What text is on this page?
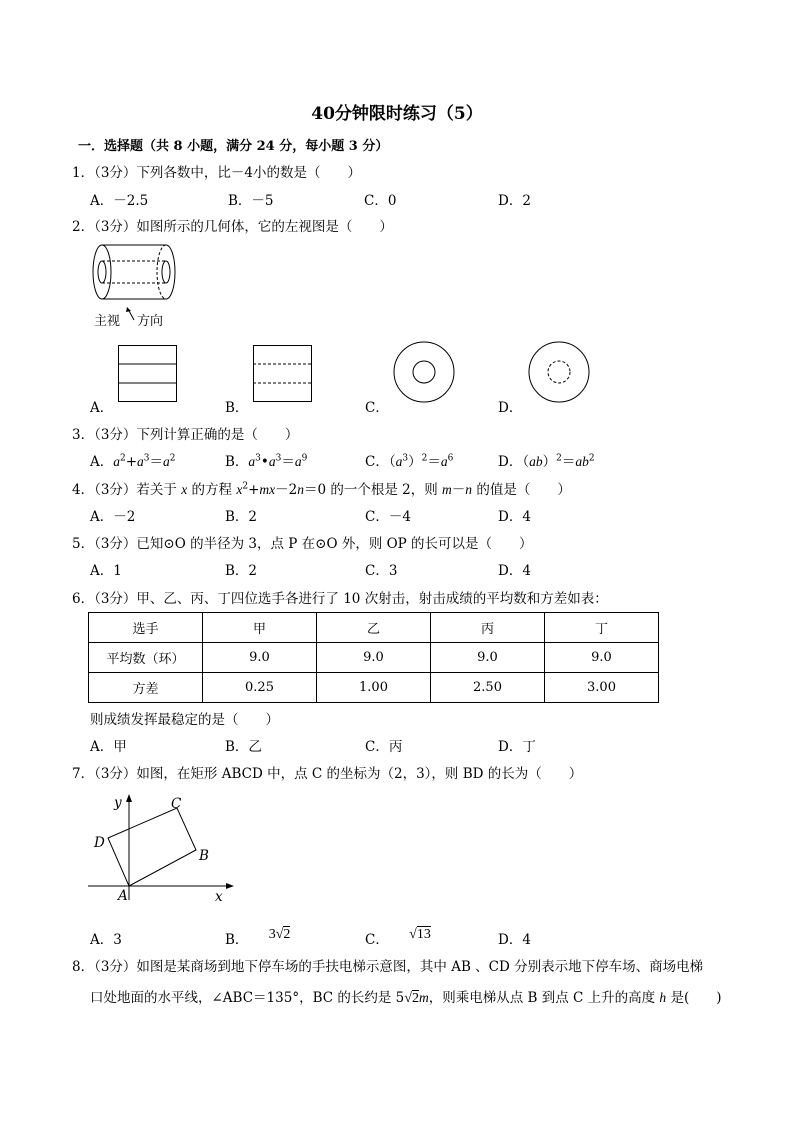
40分钟限时练习（5）
一．选择题（共 8 小题，满分 24 分，每小题 3 分）
1．（3分）下列各数中，比－4小的数是（　　）
A．－2.5	B．－5	C．0	D．2
2．（3分）如图所示的几何体，它的左视图是（　　）
主视 方向
A．	B．	C．	D．
3．（3分）下列计算正确的是（　　）
A．$a^2+a^3=a^2$	B．$a^3•a^3=a^9$	C．$(a^3)^2=a^6$	D．$(ab)^2=ab^2$
4．（3分）若关于 x 的方程 $x^2+mx-2n=0$ 的一个根是 2，则 m－n 的值是（　　）
A．－2	B．2	C．－4	D．4
5．（3分）已知⊙O 的半径为 3，点 P 在⊙O 外，则 OP 的长可以是（　　）
A．1	B．2	C．3	D．4
6．（3分）甲、乙、丙、丁四位选手各进行了 10 次射击，射击成绩的平均数和方差如表：
选手	甲	乙	丙	丁
平均数（环）	9.0	9.0	9.0	9.0
方差	0.25	1.00	2.50	3.00
则成绩发挥最稳定的是（　　）
A．甲	B．乙	C．丙	D．丁
7．（3分）如图，在矩形 ABCD 中，点 C 的坐标为（2，3），则 BD 的长为（　　）
y	C
D
B
A	x
A．3	B． 3√2	C． √13	D．4
8．（3分）如图是某商场到地下停车场的手扶电梯示意图，其中 AB 、CD 分别表示地下停车场、商场电梯
口处地面的水平线，∠ABC＝135°，BC 的长约是 5√2m，则乘电梯从点 B 到点 C 上升的高度 h 是(　　)
